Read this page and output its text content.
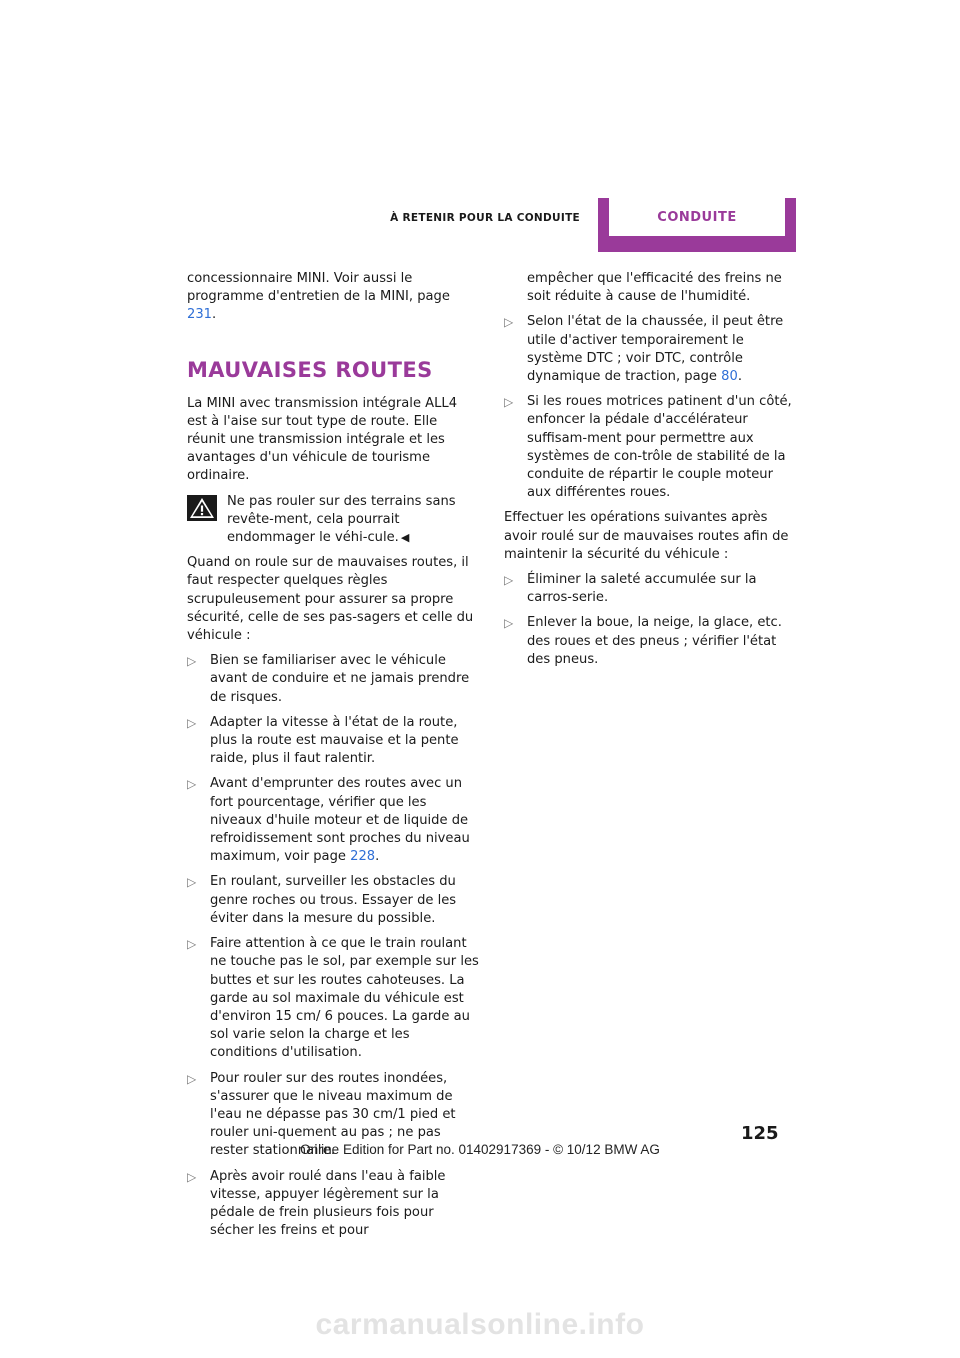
À RETENIR POUR LA CONDUITE	CONDUITE

concessionnaire MINI. Voir aussi le programme d'entretien de la MINI, page 231.

MAUVAISES ROUTES

La MINI avec transmission intégrale ALL4 est à l'aise sur tout type de route. Elle réunit une transmission intégrale et les avantages d'un véhicule de tourisme ordinaire.

Ne pas rouler sur des terrains sans revête-ment, cela pourrait endommager le véhi-cule. ◀

Quand on roule sur de mauvaises routes, il faut respecter quelques règles scrupuleusement pour assurer sa propre sécurité, celle de ses pas-sagers et celle du véhicule :

▷ Bien se familiariser avec le véhicule avant de conduire et ne jamais prendre de risques.
▷ Adapter la vitesse à l'état de la route, plus la route est mauvaise et la pente raide, plus il faut ralentir.
▷ Avant d'emprunter des routes avec un fort pourcentage, vérifier que les niveaux d'huile moteur et de liquide de refroidissement sont proches du niveau maximum, voir page 228.
▷ En roulant, surveiller les obstacles du genre roches ou trous. Essayer de les éviter dans la mesure du possible.
▷ Faire attention à ce que le train roulant ne touche pas le sol, par exemple sur les buttes et sur les routes cahoteuses. La garde au sol maximale du véhicule est d'environ 15 cm/ 6 pouces. La garde au sol varie selon la charge et les conditions d'utilisation.
▷ Pour rouler sur des routes inondées, s'assurer que le niveau maximum de l'eau ne dépasse pas 30 cm/1 pied et rouler uni-quement au pas ; ne pas rester stationnaire.
▷ Après avoir roulé dans l'eau à faible vitesse, appuyer légèrement sur la pédale de frein plusieurs fois pour sécher les freins et pour

empêcher que l'efficacité des freins ne soit réduite à cause de l'humidité.

▷ Selon l'état de la chaussée, il peut être utile d'activer temporairement le système DTC ; voir DTC, contrôle dynamique de traction, page 80.
▷ Si les roues motrices patinent d'un côté, enfoncer la pédale d'accélérateur suffisam-ment pour permettre aux systèmes de con-trôle de stabilité de la conduite de répartir le couple moteur aux différentes roues.

Effectuer les opérations suivantes après avoir roulé sur de mauvaises routes afin de maintenir la sécurité du véhicule :

▷ Éliminer la saleté accumulée sur la carros-serie.
▷ Enlever la boue, la neige, la glace, etc. des roues et des pneus ; vérifier l'état des pneus.
125
Online Edition for Part no. 01402917369 - © 10/12 BMW AG
carmanualsonline.info
